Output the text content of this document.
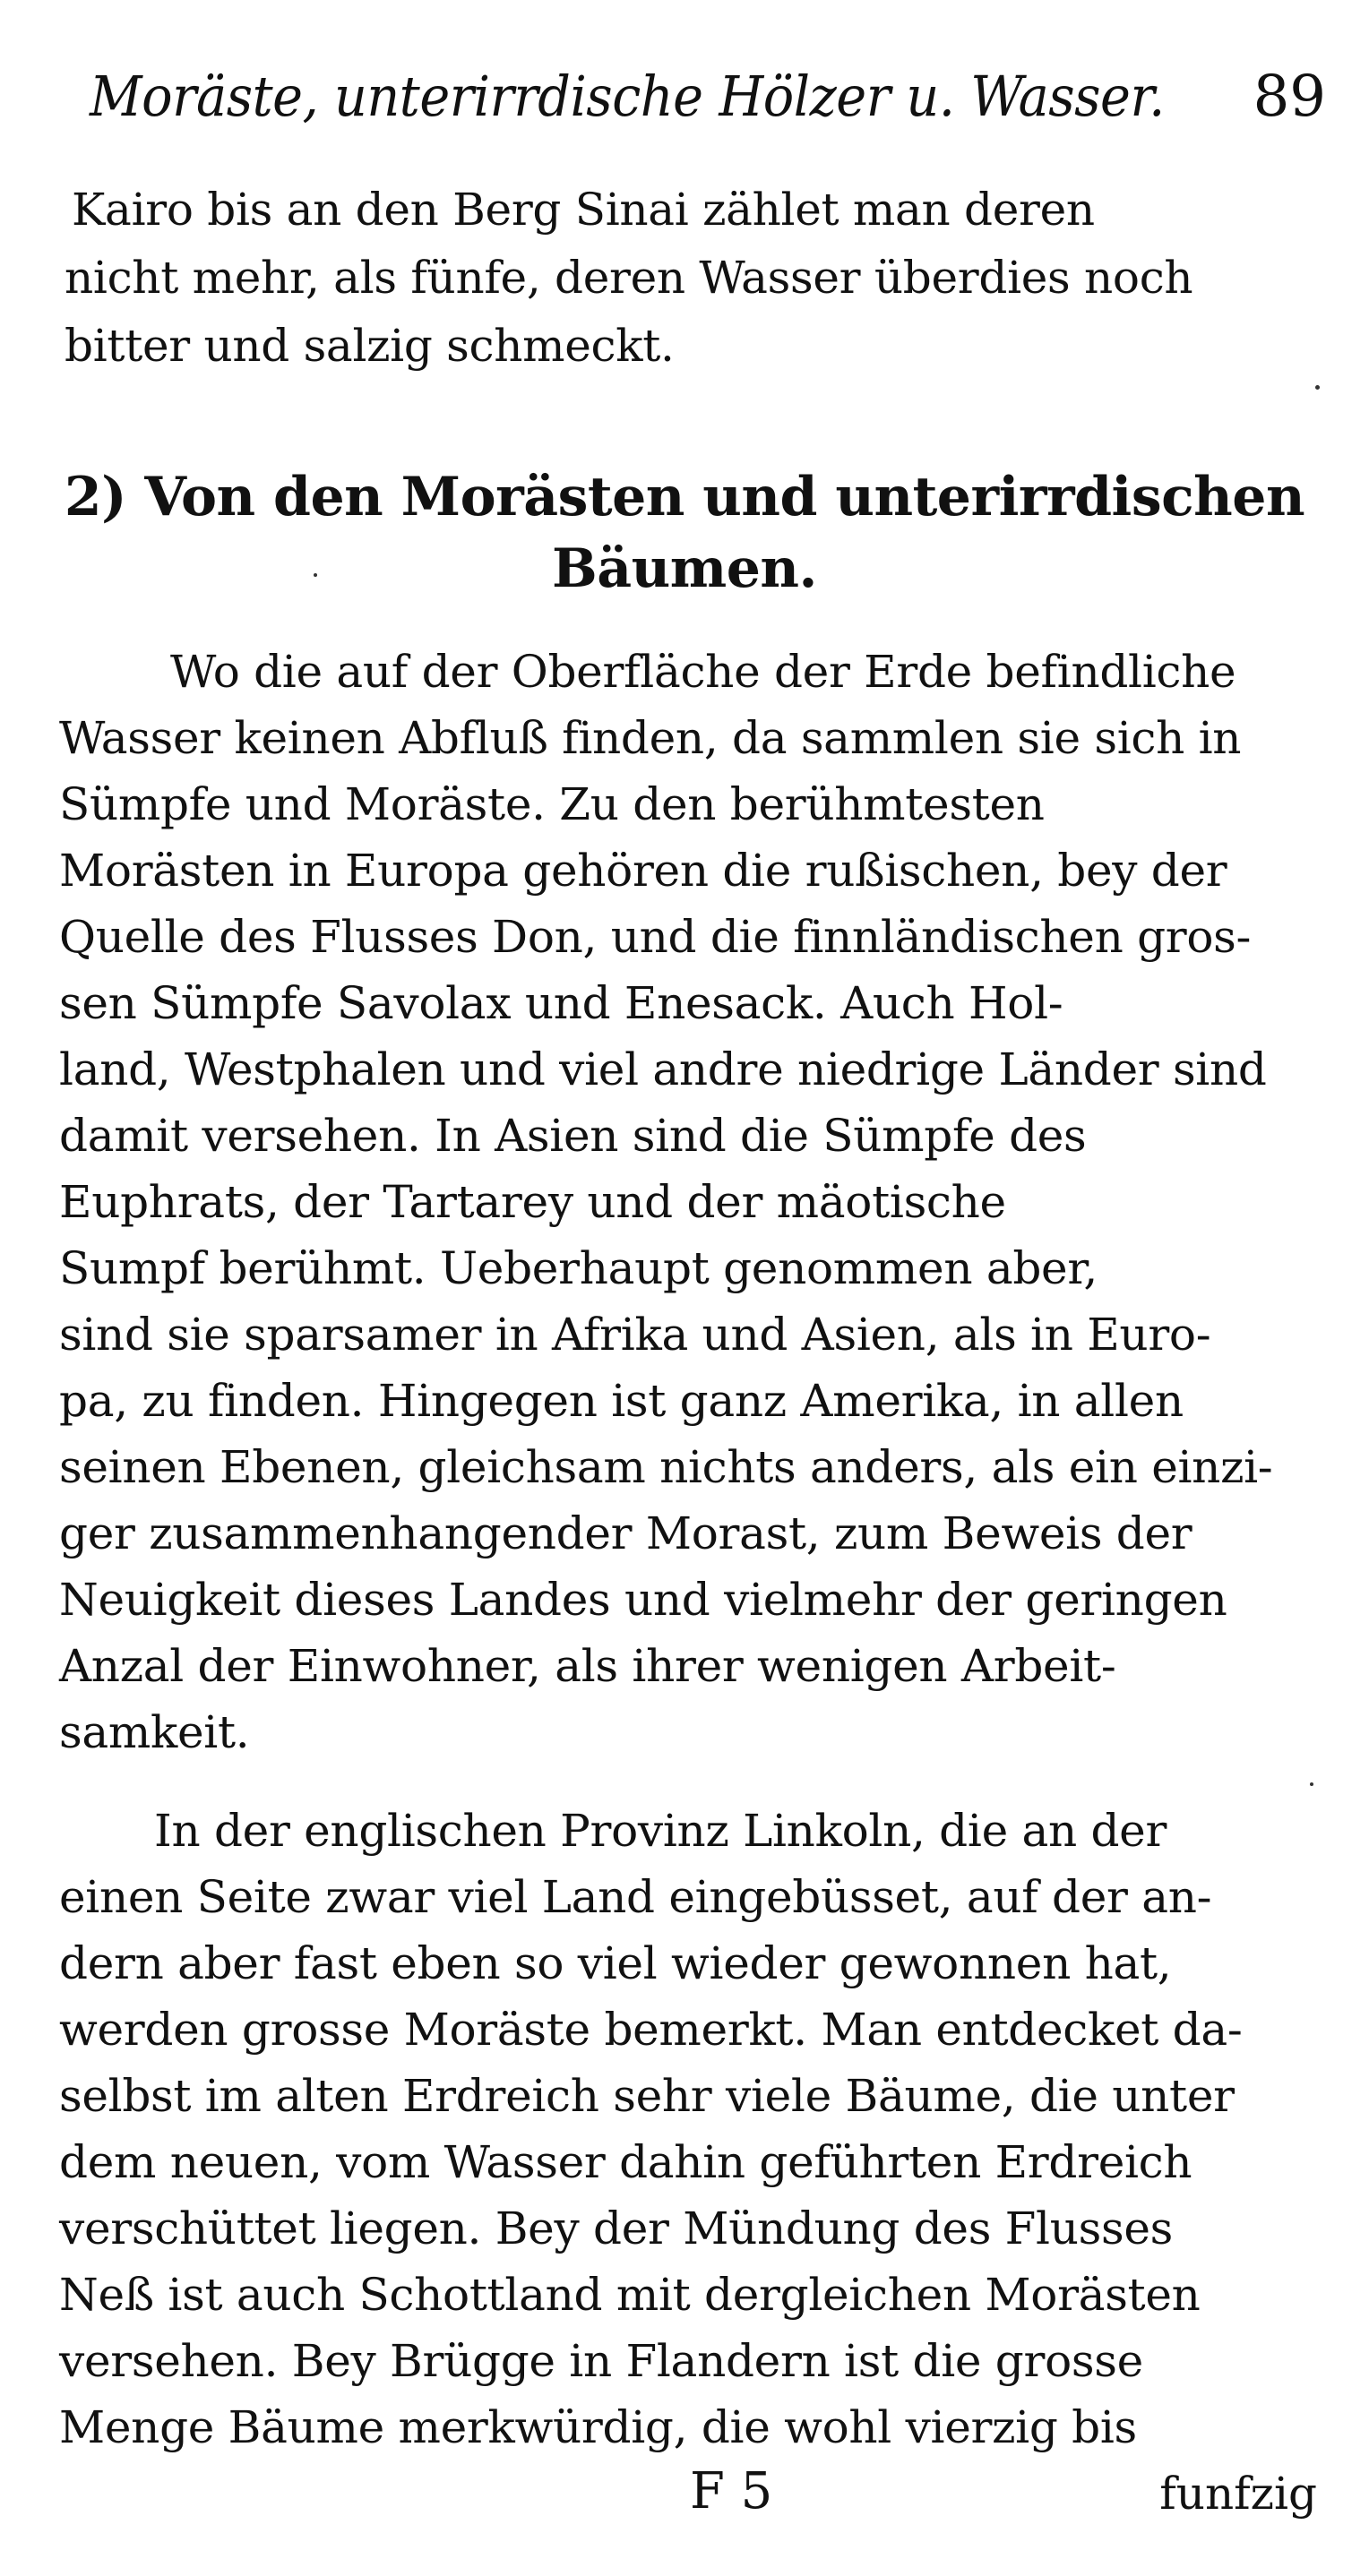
Moräste, unterirrdische Hölzer u. Wasser. 89
Kairo bis an den Berg Sinai zählet man deren
nicht mehr, als fünfe, deren Wasser überdies noch
bitter und salzig schmeckt.
2) Von den Morästen und unterirrdischen
Bäumen.
Wo die auf der Oberfläche der Erde befindliche
Wasser keinen Abfluß finden, da sammlen sie sich in
Sümpfe und Moräste. Zu den berühmtesten
Morästen in Europa gehören die rußischen, bey der
Quelle des Flusses Don, und die finnländischen gros-
sen Sümpfe Savolax und Enesack. Auch Hol-
land, Westphalen und viel andre niedrige Länder sind
damit versehen. In Asien sind die Sümpfe des
Euphrats, der Tartarey und der mäotische
Sumpf berühmt. Ueberhaupt genommen aber,
sind sie sparsamer in Afrika und Asien, als in Euro-
pa, zu finden. Hingegen ist ganz Amerika, in allen
seinen Ebenen, gleichsam nichts anders, als ein einzi-
ger zusammenhangender Morast, zum Beweis der
Neuigkeit dieses Landes und vielmehr der geringen
Anzal der Einwohner, als ihrer wenigen Arbeit-
samkeit.
In der englischen Provinz Linkoln, die an der
einen Seite zwar viel Land eingebüsset, auf der an-
dern aber fast eben so viel wieder gewonnen hat,
werden grosse Moräste bemerkt. Man entdecket da-
selbst im alten Erdreich sehr viele Bäume, die unter
dem neuen, vom Wasser dahin geführten Erdreich
verschüttet liegen. Bey der Mündung des Flusses
Neß ist auch Schottland mit dergleichen Morästen
versehen. Bey Brügge in Flandern ist die grosse
Menge Bäume merkwürdig, die wohl vierzig bis
F 5	funfzig
